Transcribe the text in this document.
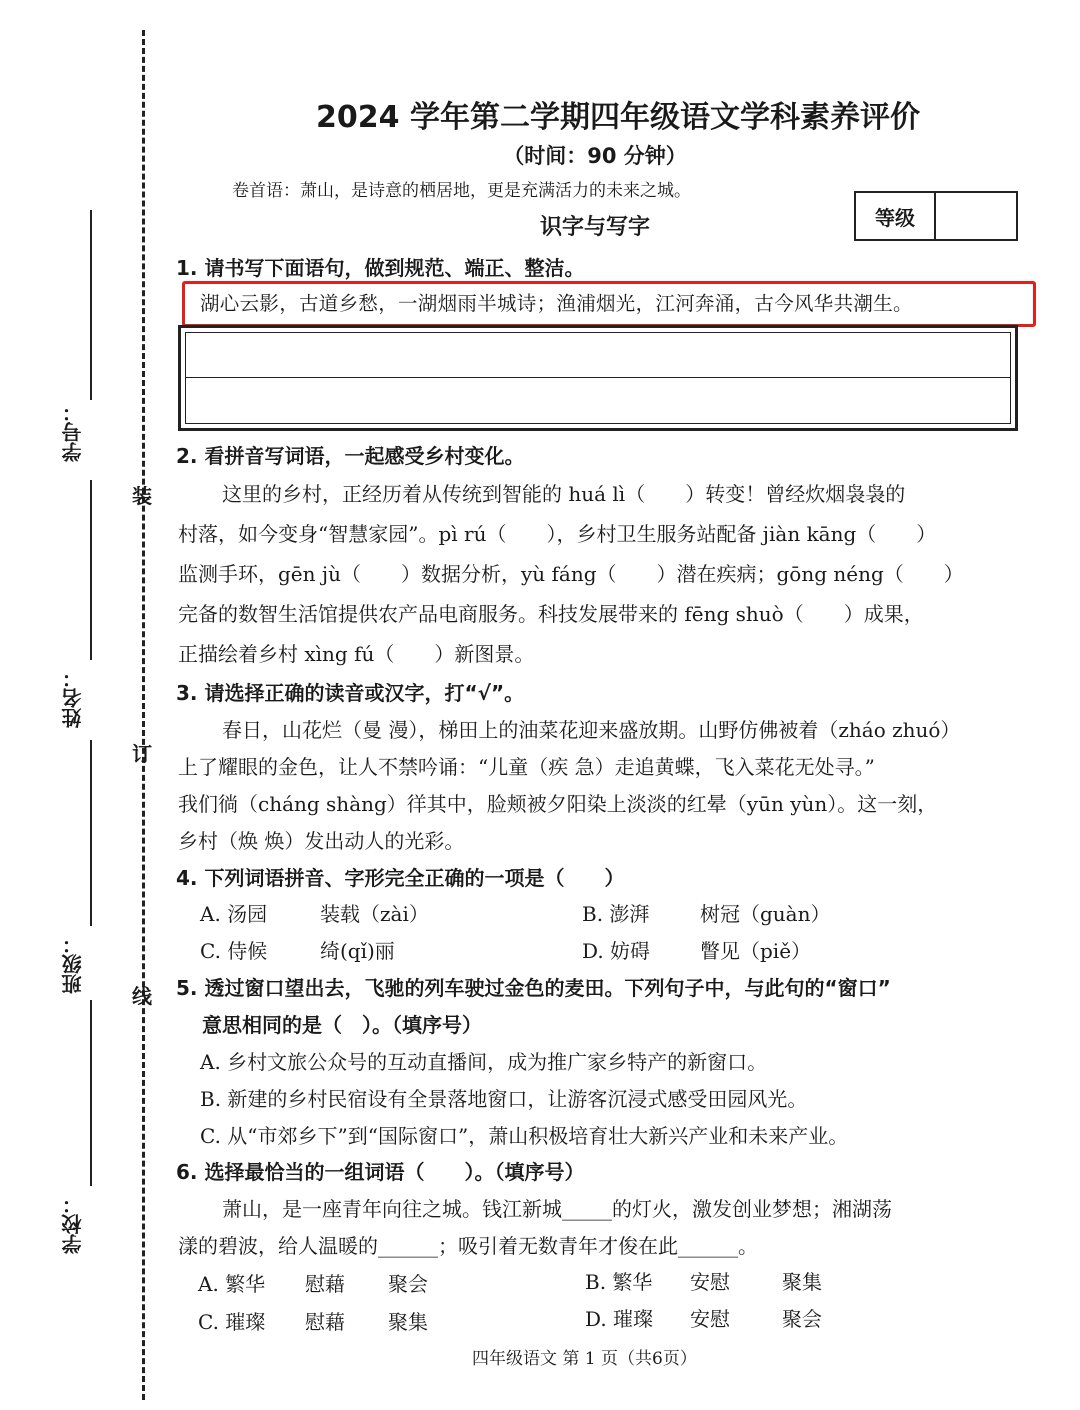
装
订
线
学号：
姓名：
班级：
学校：
2024 学年第二学期四年级语文学科素养评价
（时间：90 分钟）
卷首语：萧山，是诗意的栖居地，更是充满活力的未来之城。
识字与写字	等级
1. 请书写下面语句，做到规范、端正、整洁。
湖心云影，古道乡愁，一湖烟雨半城诗；渔浦烟光，江河奔涌，古今风华共潮生。
2. 看拼音写词语，一起感受乡村变化。
这里的乡村，正经历着从传统到智能的 huá lì（　　）转变！曾经炊烟袅袅的
村落，如今变身“智慧家园”。pì rú（　　），乡村卫生服务站配备 jiàn kāng（　　）
监测手环，gēn jù（　　）数据分析，yù fáng（　　）潜在疾病；gōng néng（　　）
完备的数智生活馆提供农产品电商服务。科技发展带来的 fēng shuò（　　）成果，
正描绘着乡村 xìng fú（　　）新图景。
3. 请选择正确的读音或汉字，打“√”。
春日，山花烂（曼 漫），梯田上的油菜花迎来盛放期。山野仿佛被着（zháo zhuó）
上了耀眼的金色，让人不禁吟诵：“儿童（疾 急）走追黄蝶，飞入菜花无处寻。”
我们徜（cháng shàng）徉其中，脸颊被夕阳染上淡淡的红晕（yūn yùn）。这一刻，
乡村（焕 焕）发出动人的光彩。
4. 下列词语拼音、字形完全正确的一项是（　　）
A. 汤园	装载（zài）	B. 澎湃	树冠（guàn）
C. 侍候	绮(qǐ)丽	D. 妨碍 瞥见（piě）
5. 透过窗口望出去，飞驰的列车驶过金色的麦田。下列句子中，与此句的“窗口”
意思相同的是（　）。（填序号）
A. 乡村文旅公众号的互动直播间，成为推广家乡特产的新窗口。
B. 新建的乡村民宿设有全景落地窗口，让游客沉浸式感受田园风光。
C. 从“市郊乡下”到“国际窗口”，萧山积极培育壮大新兴产业和未来产业。
6. 选择最恰当的一组词语（　　）。（填序号）
萧山，是一座青年向往之城。钱江新城_____的灯火，激发创业梦想；湘湖荡
漾的碧波，给人温暖的______；吸引着无数青年才俊在此______。
A. 繁华 慰藉 聚会	B. 繁华 安慰	聚集
C. 璀璨 慰藉 聚集	D. 璀璨 安慰	聚会
四年级语文 第 1 页（共6页）
